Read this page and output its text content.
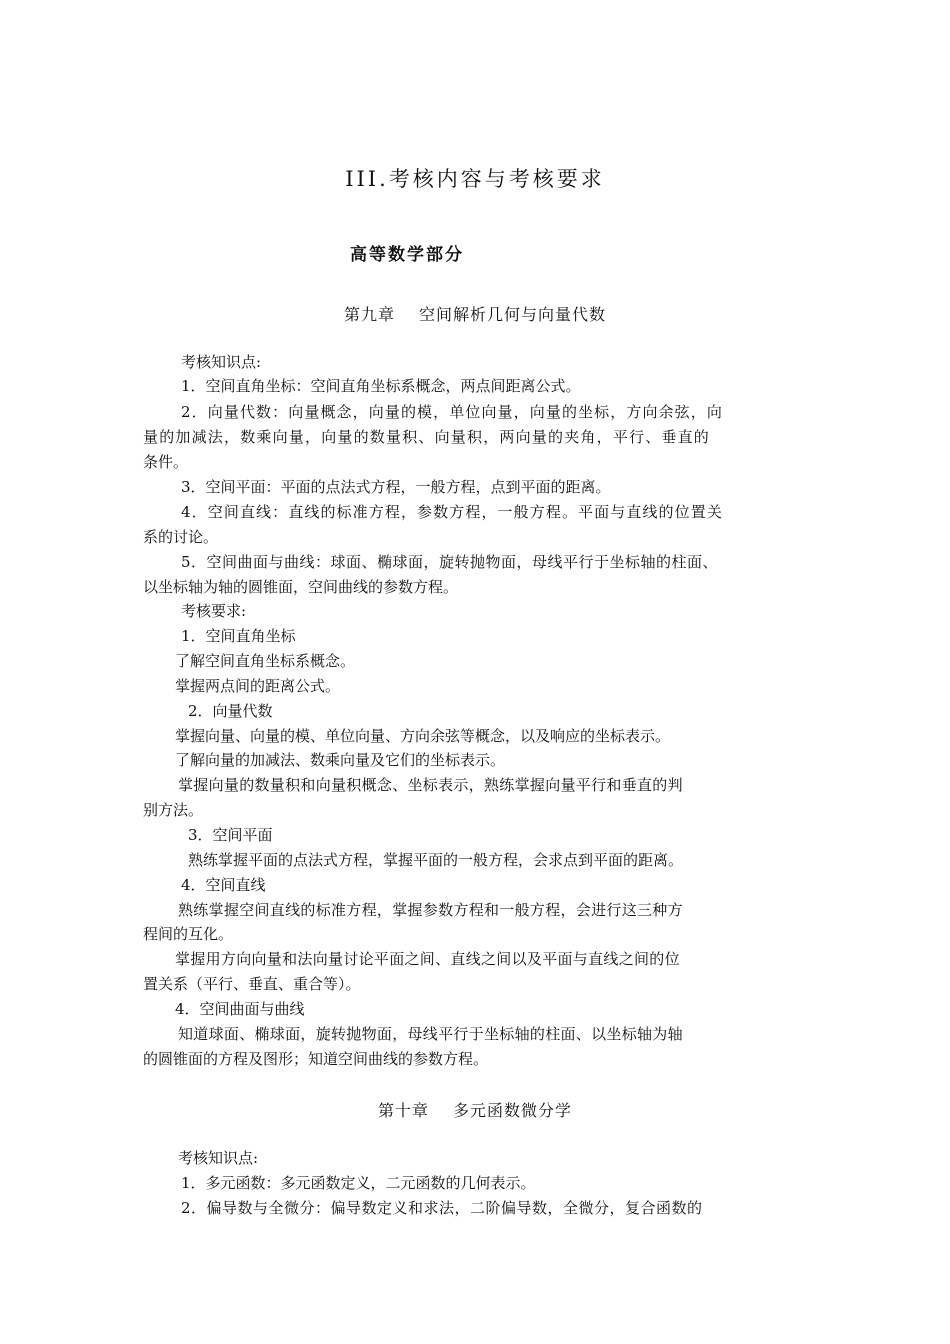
III.考核内容与考核要求
高等数学部分
第九章 空间解析几何与向量代数
考核知识点:
1．空间直角坐标：空间直角坐标系概念，两点间距离公式。
2．向量代数：向量概念，向量的模，单位向量，向量的坐标，方向余弦，向
量的加减法，数乘向量，向量的数量积、向量积，两向量的夹角，平行、垂直的
条件。
3．空间平面：平面的点法式方程，一般方程，点到平面的距离。
4．空间直线：直线的标准方程，参数方程，一般方程。平面与直线的位置关
系的讨论。
5．空间曲面与曲线：球面、椭球面，旋转抛物面，母线平行于坐标轴的柱面、
以坐标轴为轴的圆锥面，空间曲线的参数方程。
考核要求:
1．空间直角坐标
了解空间直角坐标系概念。
掌握两点间的距离公式。
2．向量代数
掌握向量、向量的模、单位向量、方向余弦等概念，以及响应的坐标表示。
了解向量的加减法、数乘向量及它们的坐标表示。
掌握向量的数量积和向量积概念、坐标表示，熟练掌握向量平行和垂直的判
别方法。
3．空间平面
熟练掌握平面的点法式方程，掌握平面的一般方程，会求点到平面的距离。
4．空间直线
熟练掌握空间直线的标准方程，掌握参数方程和一般方程，会进行这三种方
程间的互化。
掌握用方向向量和法向量讨论平面之间、直线之间以及平面与直线之间的位
置关系（平行、垂直、重合等）。
4．空间曲面与曲线
知道球面、椭球面，旋转抛物面，母线平行于坐标轴的柱面、以坐标轴为轴
的圆锥面的方程及图形；知道空间曲线的参数方程。
第十章 多元函数微分学
考核知识点:
1．多元函数：多元函数定义，二元函数的几何表示。
2．偏导数与全微分：偏导数定义和求法，二阶偏导数，全微分，复合函数的
